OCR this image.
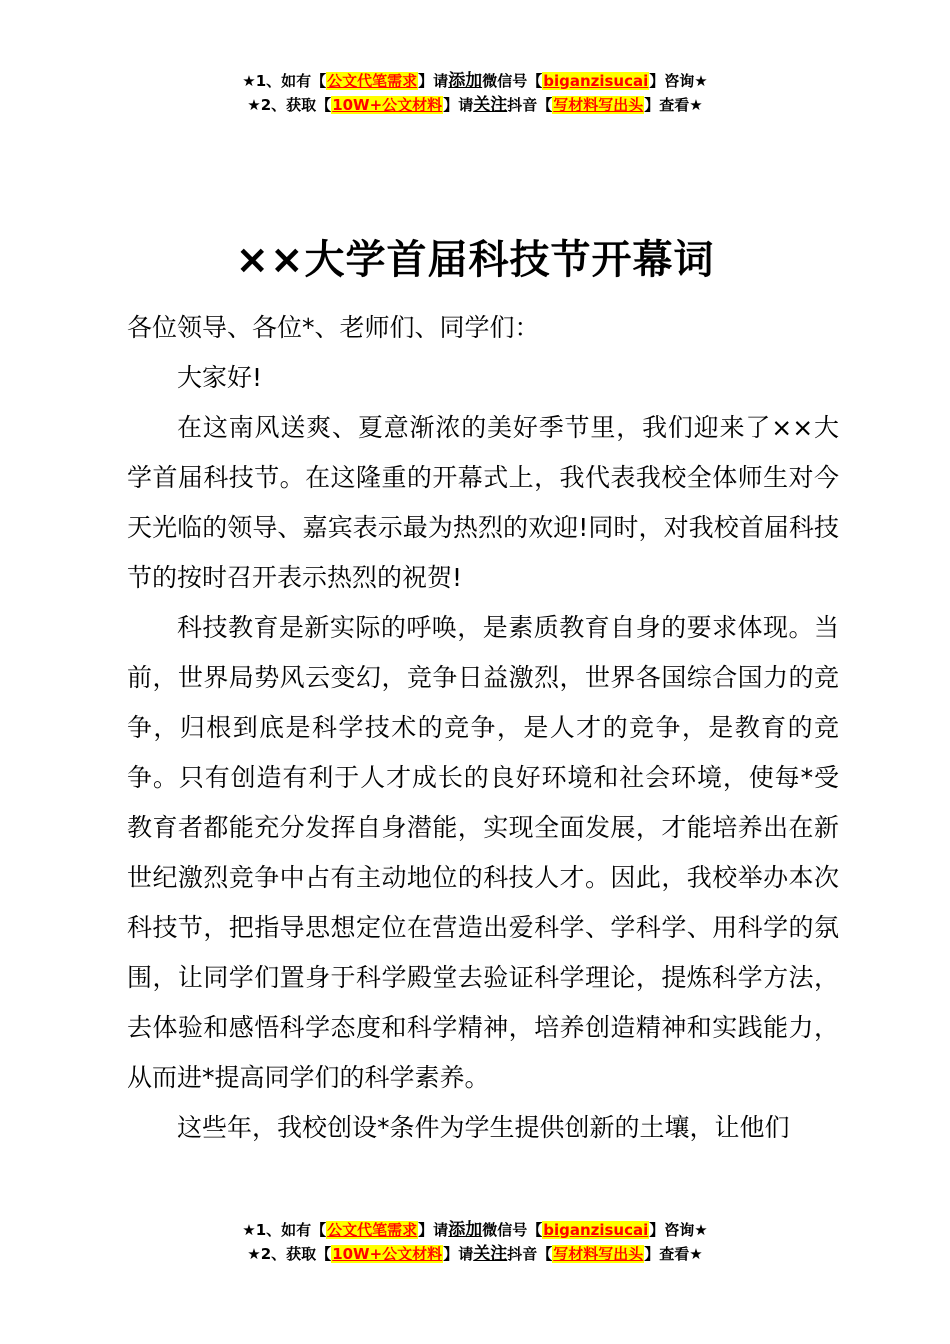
★1、如有【公文代笔需求】请添加微信号【biganzisucai】咨询★
★2、获取【10W+公文材料】请关注抖音【写材料写出头】查看★
××大学首届科技节开幕词

各位领导、各位*、老师们、同学们：

大家好!

在这南风送爽、夏意渐浓的美好季节里，我们迎来了××大学首届科技节。在这隆重的开幕式上，我代表我校全体师生对今天光临的领导、嘉宾表示最为热烈的欢迎!同时，对我校首届科技节的按时召开表示热烈的祝贺!

科技教育是新实际的呼唤，是素质教育自身的要求体现。当前，世界局势风云变幻，竞争日益激烈，世界各国综合国力的竞争，归根到底是科学技术的竞争，是人才的竞争，是教育的竞争。只有创造有利于人才成长的良好环境和社会环境，使每*受教育者都能充分发挥自身潜能，实现全面发展，才能培养出在新世纪激烈竞争中占有主动地位的科技人才。因此，我校举办本次科技节，把指导思想定位在营造出爱科学、学科学、用科学的氛围，让同学们置身于科学殿堂去验证科学理论，提炼科学方法，去体验和感悟科学态度和科学精神，培养创造精神和实践能力，从而进*提高同学们的科学素养。

这些年，我校创设*条件为学生提供创新的土壤，让他们

★1、如有【公文代笔需求】请添加微信号【biganzisucai】咨询★
★2、获取【10W+公文材料】请关注抖音【写材料写出头】查看★
